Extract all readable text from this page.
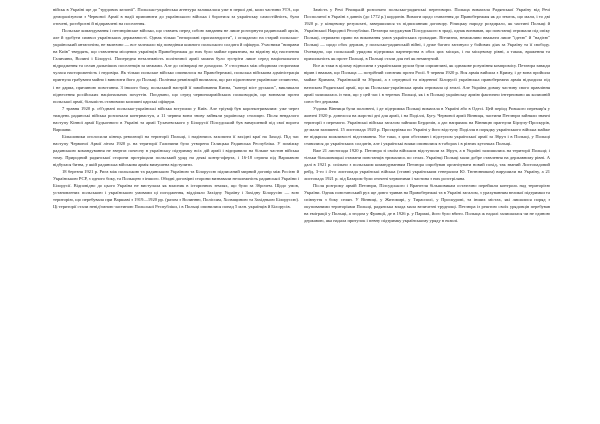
військ в Україні ще до "трудових келонії". Польсько-українська агентура залишалася уже в перші дні, коли частини УГА, що деморалізуюли з Червоної Армії в надії припинити до українського війська і боротися за українську самостійність, були оточені, роззброєні й відправлені на поселення.

Польське командування і петлюрівське військо, що ставить перед собою завдання не лише розгорнути радянський архів, але й здобути символ українських державності. Однак тільки "непорожні пропагандисти", і оглядаємо на старий польсько-український антагонізм, не включно — все залежало від поведінки кожного польського солдата й офіцера. Учасники "виправи на Київ" твердять, що ставлення місцевих українців Правобережжя до них було майже приязним, на відміну від населення Галичини, Волині і Білорусі. Попередня незалежність політичної армії можна було зустріти лише серед національного відродження та селян дальніших поселенців за межами. Але до співпраці не доходило. У стосунках між обидвома сторонами чулася настороженість і недовіра. Як тільки польське військо опинилося на Правобережжі, польська військова адміністрація пригнула грабувати майно і вивозити його до Польщі. Політика реквізицій вилилася, що раз підштовхне українське селянство, і не дарма, причиною повстання. З іншого боку, польський настрій її завойовання Києва, "матері міст руських", викликали піднесення російських національних почуттів. Поєднано, що серед червоноармійських полководців, що воювали проти польської армії, більшість становили колишні царські офіцери.

7 травня 1920 р. об'єднані польсько-українські війська вступили у Київ. Але тріумф був короткотривалим: уже через тиждень радянські війська розпочали контрнаступ, а 11 червня вони знову зайняли українську столицю. Після невдалого наступу Кінної армії Будьонного в Україні та армії Тухачевського у Білорусії Пілсудський був вимушений під свої ворота Варшави.

Більшовики оголосили кінець революції на території Польщі, і надіючись захопити її західні краї на Заході. Під час наступу Червоної Армії літом 1920 р. на території Галичини було утворена Галицька Радянська Республіка. У поміжку радянською командування не звертає почесну в українську підтримку всіх дій армії і відправило на більше частин війська тому. Природний радянської сторони протріщали польський уряд на деякі контр-оферта, і 16-18 серпня під Варшавою відбулася битва, у якій радянська військова армія вимушена відступити.

18 березня 1921 р. Рига між польською та радянською Україною та Білоруссю підписаний мирний договір між Росією й Українською РСР, з одного боку, та Польщею з іншого. Обидві договірні сторони визнавали незалежність радянської України і Білорусії. Відповідно до цього Україна не виступала як власник в історичних землях, що були за Зброчем. Щодо умов, установлених польською і українською умовами ці погодження, відділяло Західну Україну і Західну Білорусію — всю територію, що перебувала при Варшаві з 1919—1920 рр. (разом з Волинню, Поліссям, Холмщиною та Західньою Білоруссю). Ці території стали невід'ємною частиною Польської Республіки, і в Польщі опинилися понад 5 млн. українців й Білорусів.

Замість у Речі Річицькій розпочато польсько-радянські переговори. Польща вимагала Радянської Україну від Речі Посполитої в Україні з давніх (до 1772 р.) кордонів. Вимоги щодо ставлення до Правобережжя як до земель, що мали, і то дві 1920 р. у кінцевому результаті, завершилися та підписанням договору. Річицьку народу роздирало, як частині Польщі й Української Народної Республіки. Петлюра засуджував Пілсудського в зраді, однак визнавав, що повстанці отримали під опіку Польщі, отримати право на виконання умов українських громадян. Вітчизни, неможливо вважати лише "ідеєю" й "надією" Польщі — щодо обох держав, у польсько-радянській війні, і дуже багато загинуло у бойових діях за Україну та її свободу. Очевидно, що польський урядова підтримка партнерства в обох цих місцях, і на місцевому рівні, а також, враження та прихильність як проте Польщі, в Польщі стали для неї як неминучий.

Все ж таки в цілому відносини з українським рухом були сприятливі, як однакове розуміння компромісу. Петлюра завжди вірив і вважав, що Польща — потрібний союзник проти Росії. 9 червня 1920 р. Вся армія вийшла з Криму, і де вона пройшла майже Кримом, Українській та Зброжі, а з середньої та південної Білорусії українська правобережна армія відходила під натиском Радянської армії, що як Польсько-українська армія отримала ці землі. Але Україна довшу частину свого правління армії залишалась із тим, що у цей час і в теренах Польщі, як і в Польщі українську армію фактично інтерновано як колишній союз без держави.

Уздовж Вінниця були полонені, і де підтримка Польщі вимагала в Україні або в Одесі. Цей період Ризького перемир'я у жовтні 1920 р. довелося на жорсткі дні для армії, і на Поділлі, Бугу. Червоної армії Вінниця, частини Петлюри зайняли значні території з перемоги. Українські війська загалом зайняли Бердичів, а дає напрямок на Вінницю прагнули Бірзулу-Проскурів, де мали залишені. 15 листопада 1920 р. Проскурівка по Україні у його відступу Поділля в порядку українського війська майже не відкрила можливості відставання. Усе таки, з цим обставин і відступом української армії за Збруч і в Польщі, у Польщі ставилися до українських солдатів, але і українські вояки опинилися в таборах і в різних куточках Польщі.

Вже 21 листопада 1920 р. Петлюра зі своїм військом відступили за Збруч, а в Україні залишились на території Польщі; і тільки більшовицькі отамани повстанців тримались по селах. Українці Польщі мали добре ставлення на державному рівні. А далі в 1921 р. спільно з польським командуванням Петлюра спробував організувати новий похід, так званий Листопадовий рейд, 3-го і 4-го листопада українські війська (ставні українським генералом Ю. Тютюнником) вирушили на Україну, а 21 листопада 1921 р. під Базаром були оточені червоними і частина з них розстріляна.

Після розгрому армій Петлюри, Пілсудського і Врангеля більшовикам остаточно перейшли контроль над територією України. Однак повстанський рух ще довго тривав на Правобережжі та в Україні загалом, з урахуванням великої підтримки та співчуття з боку селян. У Вінниці, у Житомирі, у Тирасполі, у Проскурові, та інших містах, які лишалися поряд з окупованими територіями Польщі, радянська влада мала величезні труднощі. Петлюра із рештою своїх урядовців перебував на еміграції у Польщі, а згодом у Франції, де в 1926 р. у Парижі, його було вбито. Польща ж надалі залишалася чи не єдиною державою, яка надала притулок і певну підтримку українському уряду в екзилі.
